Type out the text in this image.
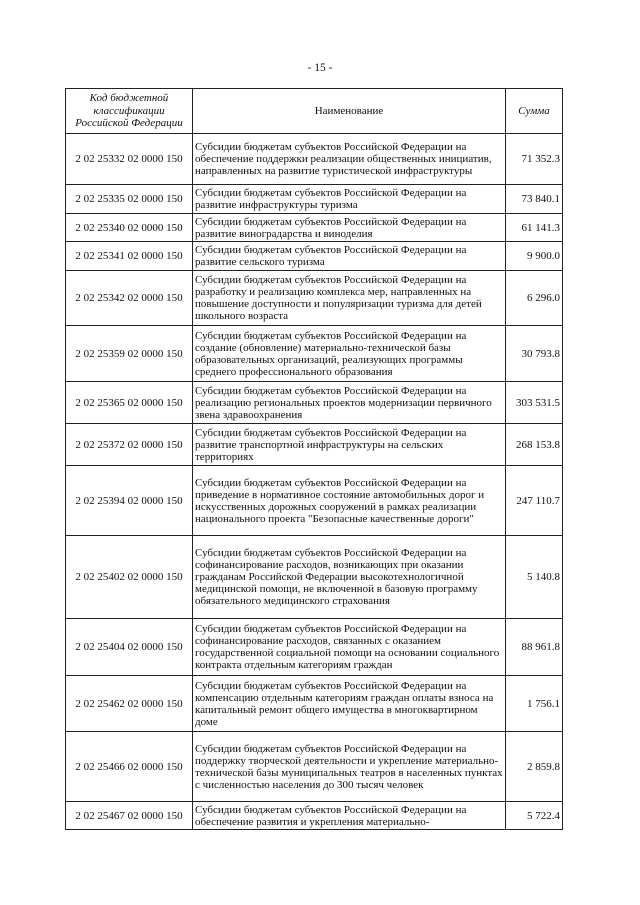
- 15 -
Код бюджетной классификации Российской Федерации	Наименование	Сумма
2 02 25332 02 0000 150	Субсидии бюджетам субъектов Российской Федерации на обеспечение поддержки реализации общественных инициатив, направленных на развитие туристической инфраструктуры	71 352.3
2 02 25335 02 0000 150	Субсидии бюджетам субъектов Российской Федерации на развитие инфраструктуры туризма	73 840.1
2 02 25340 02 0000 150	Субсидии бюджетам субъектов Российской Федерации на развитие виноградарства и виноделия	61 141.3
2 02 25341 02 0000 150	Субсидии бюджетам субъектов Российской Федерации на развитие сельского туризма	9 900.0
2 02 25342 02 0000 150	Субсидии бюджетам субъектов Российской Федерации на разработку и реализацию комплекса мер, направленных на повышение доступности и популяризации туризма для детей школьного возраста	6 296.0
2 02 25359 02 0000 150	Субсидии бюджетам субъектов Российской Федерации на создание (обновление) материально-технической базы образовательных организаций, реализующих программы среднего профессионального образования	30 793.8
2 02 25365 02 0000 150	Субсидии бюджетам субъектов Российской Федерации на реализацию региональных проектов модернизации первичного звена здравоохранения	303 531.5
2 02 25372 02 0000 150	Субсидии бюджетам субъектов Российской Федерации на развитие транспортной инфраструктуры на сельских территориях	268 153.8
2 02 25394 02 0000 150	Субсидии бюджетам субъектов Российской Федерации на приведение в нормативное состояние автомобильных дорог и искусственных дорожных сооружений в рамках реализации национального проекта "Безопасные качественные дороги"	247 110.7
2 02 25402 02 0000 150	Субсидии бюджетам субъектов Российской Федерации на софинансирование расходов, возникающих при оказании гражданам Российской Федерации высокотехнологичной медицинской помощи, не включенной в базовую программу обязательного медицинского страхования	5 140.8
2 02 25404 02 0000 150	Субсидии бюджетам субъектов Российской Федерации на софинансирование расходов, связанных с оказанием государственной социальной помощи на основании социального контракта отдельным категориям граждан	88 961.8
2 02 25462 02 0000 150	Субсидии бюджетам субъектов Российской Федерации на компенсацию отдельным категориям граждан оплаты взноса на капитальный ремонт общего имущества в многоквартирном доме	1 756.1
2 02 25466 02 0000 150	Субсидии бюджетам субъектов Российской Федерации на поддержку творческой деятельности и укрепление материально-технической базы муниципальных театров в населенных пунктах с численностью населения до 300 тысяч человек	2 859.8
2 02 25467 02 0000 150	Субсидии бюджетам субъектов Российской Федерации на обеспечение развития и укрепления материально-	5 722.4
